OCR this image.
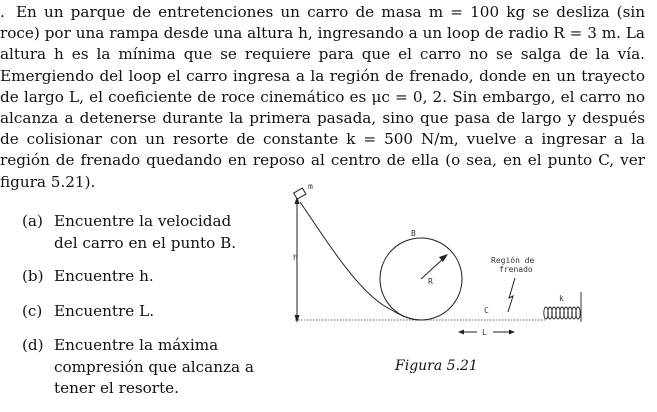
. En un parque de entretenciones un carro de masa m = 100 kg se desliza (sin roce) por una rampa desde una altura h, ingresando a un loop de radio R = 3 m. La altura h es la mínima que se requiere para que el carro no se salga de la vía. Emergiendo del loop el carro ingresa a la región de frenado, donde en un trayecto de largo L, el coeficiente de roce cinemático es μc = 0, 2. Sin embargo, el carro no alcanza a detenerse durante la primera pasada, sino que pasa de largo y después de colisionar con un resorte de constante k = 500 N/m, vuelve a ingresar a la región de frenado quedando en reposo al centro de ella (o sea, en el punto C, ver figura 5.21).

(a) Encuentre la velocidad del carro en el punto B.
(b) Encuentre h.
(c) Encuentre L.
(d) Encuentre la máxima compresión que alcanza a tener el resorte.
h
m
B
R
Región de
frenado
C
L
k
Figura 5.21
